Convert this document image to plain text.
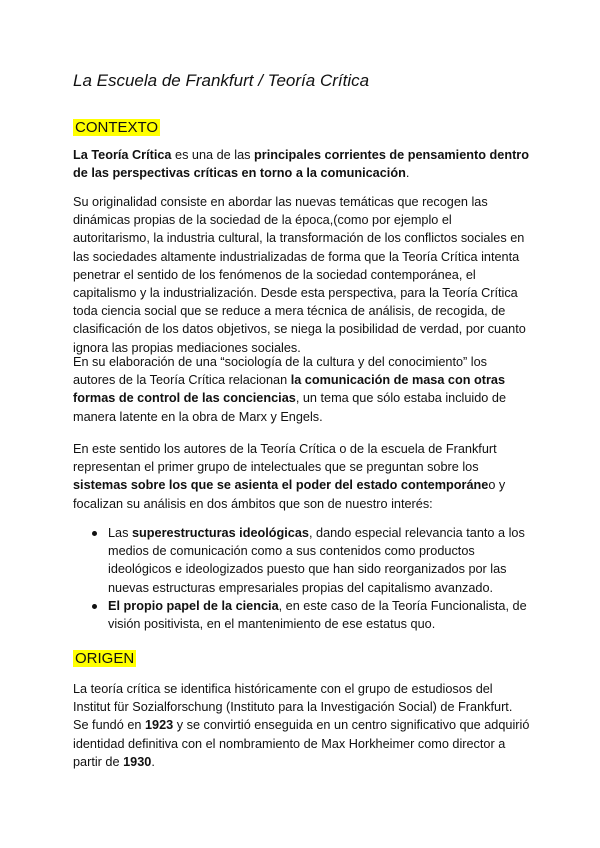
La Escuela de Frankfurt / Teoría Crítica
CONTEXTO

La Teoría Crítica es una de las principales corrientes de pensamiento dentro de las perspectivas críticas en torno a la comunicación.

Su originalidad consiste en abordar las nuevas temáticas que recogen las dinámicas propias de la sociedad de la época,(como por ejemplo el autoritarismo, la industria cultural, la transformación de los conflictos sociales en las sociedades altamente industrializadas de forma que la Teoría Crítica intenta penetrar el sentido de los fenómenos de la sociedad contemporánea, el capitalismo y la industrialización. Desde esta perspectiva, para la Teoría Crítica toda ciencia social que se reduce a mera técnica de análisis, de recogida, de clasificación de los datos objetivos, se niega la posibilidad de verdad, por cuanto ignora las propias mediaciones sociales.

En su elaboración de una “sociología de la cultura y del conocimiento” los autores de la Teoría Crítica relacionan la comunicación de masa con otras formas de control de las conciencias, un tema que sólo estaba incluido de manera latente en la obra de Marx y Engels.

En este sentido los autores de la Teoría Crítica o de la escuela de Frankfurt representan el primer grupo de intelectuales que se preguntan sobre los sistemas sobre los que se asienta el poder del estado contemporáneo y focalizan su análisis en dos ámbitos que son de nuestro interés:

Las superestructuras ideológicas, dando especial relevancia tanto a los medios de comunicación como a sus contenidos como productos ideológicos e ideologizados puesto que han sido reorganizados por las nuevas estructuras empresariales propias del capitalismo avanzado.
El propio papel de la ciencia, en este caso de la Teoría Funcionalista, de visión positivista, en el mantenimiento de ese estatus quo.
ORIGEN

La teoría crítica se identifica históricamente con el grupo de estudiosos del Institut für Sozialforschung (Instituto para la Investigación Social) de Frankfurt. Se fundó en 1923 y se convirtió enseguida en un centro significativo que adquirió identidad definitiva con el nombramiento de Max Horkheimer como director a partir de 1930.
